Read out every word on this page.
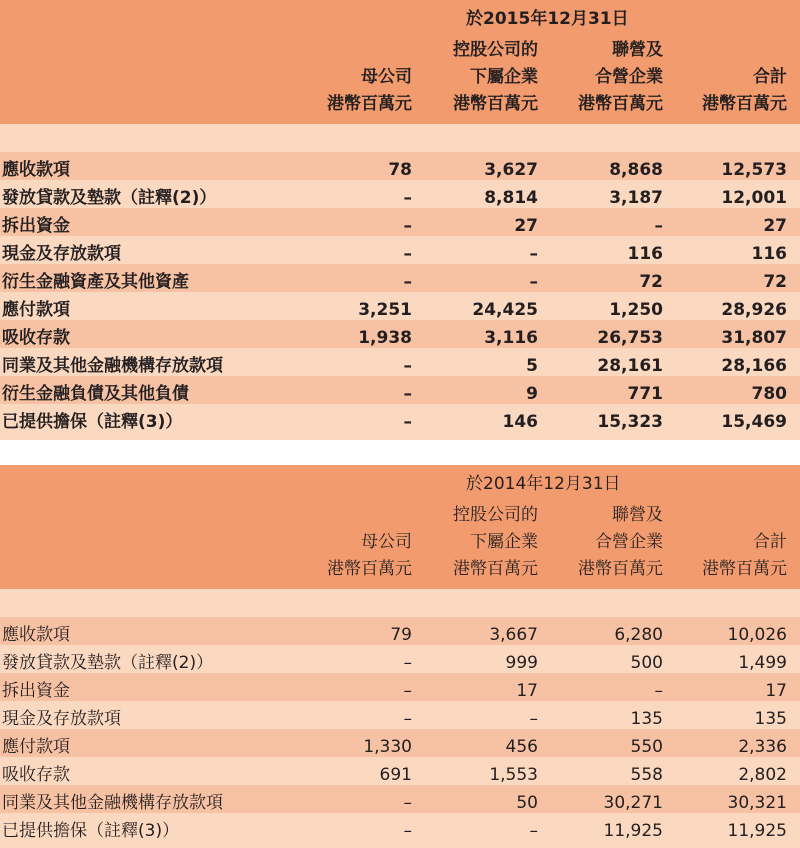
於2015年12月31日
母公司
港幣百萬元
控股公司的
下屬企業
港幣百萬元
聯營及
合營企業
港幣百萬元
合計
港幣百萬元
應收款項	78	3,627	8,868	12,573
發放貸款及墊款（註釋(2)）	–	8,814	3,187	12,001
拆出資金	–	27	–	27
現金及存放款項	–	–	116	116
衍生金融資產及其他資產	–	–	72	72
應付款項	3,251	24,425	1,250	28,926
吸收存款	1,938	3,116	26,753	31,807
同業及其他金融機構存放款項	–	5	28,161	28,166
衍生金融負債及其他負債	–	9	771	780
已提供擔保（註釋(3)）	–	146	15,323	15,469
於2014年12月31日
母公司
港幣百萬元
控股公司的
下屬企業
港幣百萬元
聯營及
合營企業
港幣百萬元
合計
港幣百萬元
應收款項	79	3,667	6,280	10,026
發放貸款及墊款（註釋(2)）	–	999	500	1,499
拆出資金	–	17	–	17
現金及存放款項	–	–	135	135
應付款項	1,330	456	550	2,336
吸收存款	691	1,553	558	2,802
同業及其他金融機構存放款項	–	50	30,271	30,321
已提供擔保（註釋(3)）	–	–	11,925	11,925
